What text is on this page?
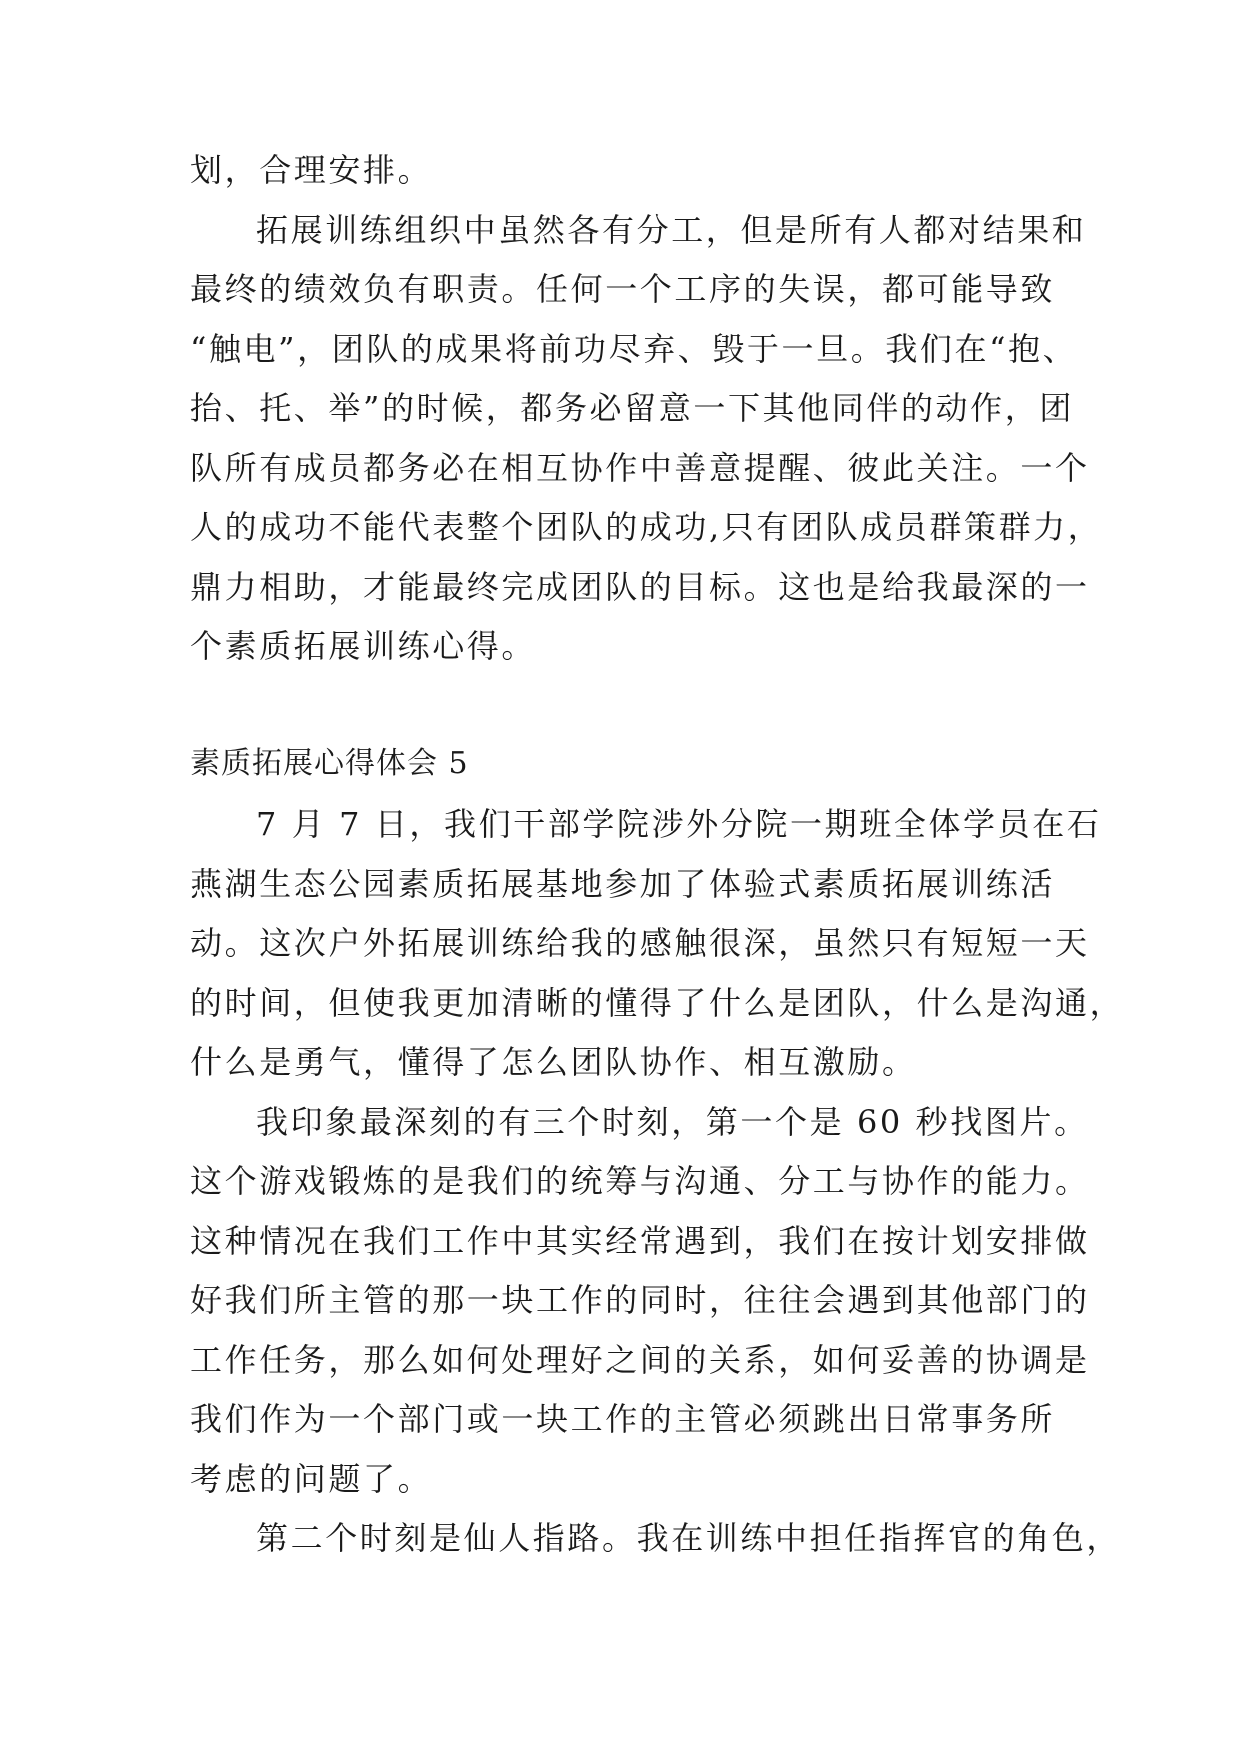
划，合理安排。
拓展训练组织中虽然各有分工，但是所有人都对结果和
最终的绩效负有职责。任何一个工序的失误，都可能导致
“触电”，团队的成果将前功尽弃、毁于一旦。我们在“抱、
抬、托、举”的时候，都务必留意一下其他同伴的动作，团
队所有成员都务必在相互协作中善意提醒、彼此关注。一个
人的成功不能代表整个团队的成功,只有团队成员群策群力，
鼎力相助，才能最终完成团队的目标。这也是给我最深的一
个素质拓展训练心得。
素质拓展心得体会 5
7 月 7 日，我们干部学院涉外分院一期班全体学员在石
燕湖生态公园素质拓展基地参加了体验式素质拓展训练活
动。这次户外拓展训练给我的感触很深，虽然只有短短一天
的时间，但使我更加清晰的懂得了什么是团队，什么是沟通，
什么是勇气，懂得了怎么团队协作、相互激励。
我印象最深刻的有三个时刻，第一个是 60 秒找图片。
这个游戏锻炼的是我们的统筹与沟通、分工与协作的能力。
这种情况在我们工作中其实经常遇到，我们在按计划安排做
好我们所主管的那一块工作的同时，往往会遇到其他部门的
工作任务，那么如何处理好之间的关系，如何妥善的协调是
我们作为一个部门或一块工作的主管必须跳出日常事务所
考虑的问题了。
第二个时刻是仙人指路。我在训练中担任指挥官的角色，
